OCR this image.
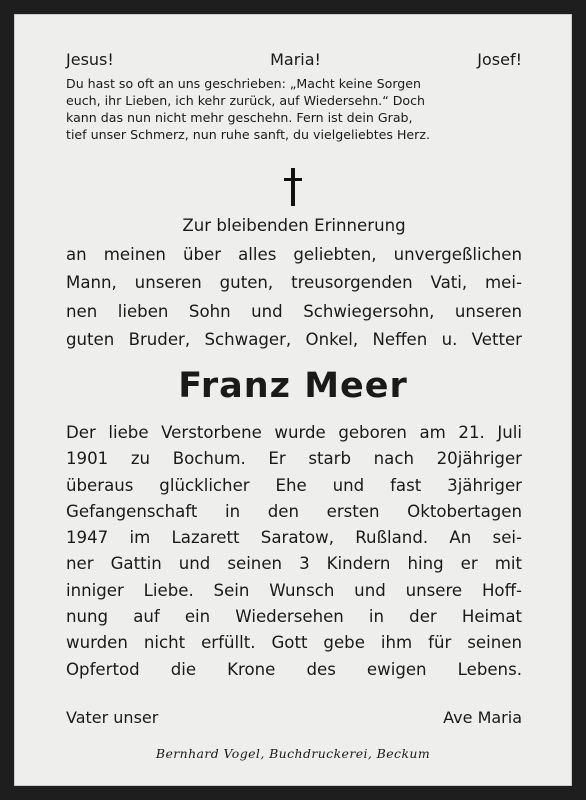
Jesus!	Maria!	Josef!

Du hast so oft an uns geschrieben: „Macht keine Sorgen

euch, ihr Lieben, ich kehr zurück, auf Wiedersehn.“ Doch

kann das nun nicht mehr geschehn. Fern ist dein Grab,

tief unser Schmerz, nun ruhe sanft, du vielgeliebtes Herz.

Zur bleibenden Erinnerung

an meinen über alles geliebten, unvergeßlichen

Mann, unseren guten, treusorgenden Vati, mei-

nen lieben Sohn und Schwiegersohn, unseren

guten Bruder, Schwager, Onkel, Neffen u. Vetter

Franz Meer

Der liebe Verstorbene wurde geboren am 21. Juli

1901 zu Bochum. Er starb nach 20jähriger

überaus glücklicher Ehe und fast 3jähriger

Gefangenschaft in den ersten Oktobertagen

1947 im Lazarett Saratow, Rußland. An sei-

ner Gattin und seinen 3 Kindern hing er mit

inniger Liebe. Sein Wunsch und unsere Hoff-

nung auf ein Wiedersehen in der Heimat

wurden nicht erfüllt. Gott gebe ihm für seinen

Opfertod die Krone des ewigen Lebens.

Vater unser	Ave Maria
Bernhard Vogel, Buchdruckerei, Beckum
